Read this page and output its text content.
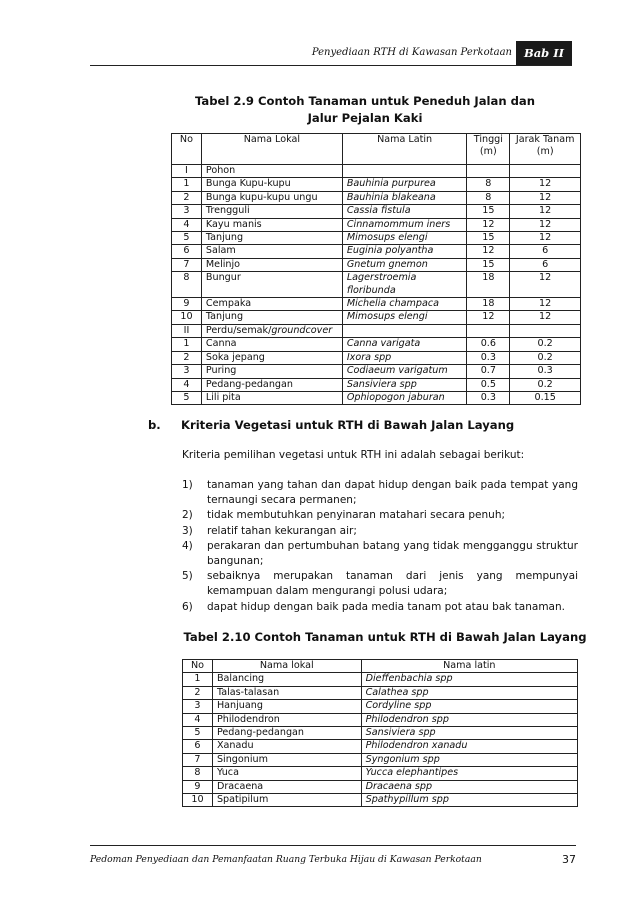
Penyediaan RTH di Kawasan Perkotaan	Bab II
Tabel 2.9 Contoh Tanaman untuk Peneduh Jalan dan
Jalur Pejalan Kaki
No	Nama Lokal	Nama Latin	Tinggi (m)	Jarak Tanam (m)
I	Pohon			
1	Bunga Kupu-kupu	Bauhinia purpurea	8	12
2	Bunga kupu-kupu ungu	Bauhinia blakeana	8	12
3	Trengguli	Cassia fistula	15	12
4	Kayu manis	Cinnamommum iners	12	12
5	Tanjung	Mimosups elengi	15	12
6	Salam	Euginia polyantha	12	6
7	Melinjo	Gnetum gnemon	15	6
8	Bungur	Lagerstroemia floribunda	18	12
9	Cempaka	Michelia champaca	18	12
10	Tanjung	Mimosups elengi	12	12
II	Perdu/semak/groundcover			
1	Canna	Canna varigata	0.6	0.2
2	Soka jepang	Ixora spp	0.3	0.2
3	Puring	Codiaeum varigatum	0.7	0.3
4	Pedang-pedangan	Sansiviera spp	0.5	0.2
5	Lili pita	Ophiopogon jaburan	0.3	0.15
b. Kriteria Vegetasi untuk RTH di Bawah Jalan Layang
Kriteria pemilihan vegetasi untuk RTH ini adalah sebagai berikut:
1) tanaman yang tahan dan dapat hidup dengan baik pada tempat yang
ternaungi secara permanen;
2) tidak membutuhkan penyinaran matahari secara penuh;
3) relatif tahan kekurangan air;
4) perakaran dan pertumbuhan batang yang tidak mengganggu struktur
bangunan;
5) sebaiknya merupakan tanaman dari jenis yang mempunyai
kemampuan dalam mengurangi polusi udara;
6) dapat hidup dengan baik pada media tanam pot atau bak tanaman.
Tabel 2.10 Contoh Tanaman untuk RTH di Bawah Jalan Layang
No	Nama lokal	Nama latin
1	Balancing	Dieffenbachia spp
2	Talas-talasan	Calathea spp
3	Hanjuang	Cordyline spp
4	Philodendron	Philodendron spp
5	Pedang-pedangan	Sansiviera spp
6	Xanadu	Philodendron xanadu
7	Singonium	Syngonium spp
8	Yuca	Yucca elephantipes
9	Dracaena	Dracaena spp
10	Spatipilum	Spathypillum spp
Pedoman Penyediaan dan Pemanfaatan Ruang Terbuka Hijau di Kawasan Perkotaan	37
